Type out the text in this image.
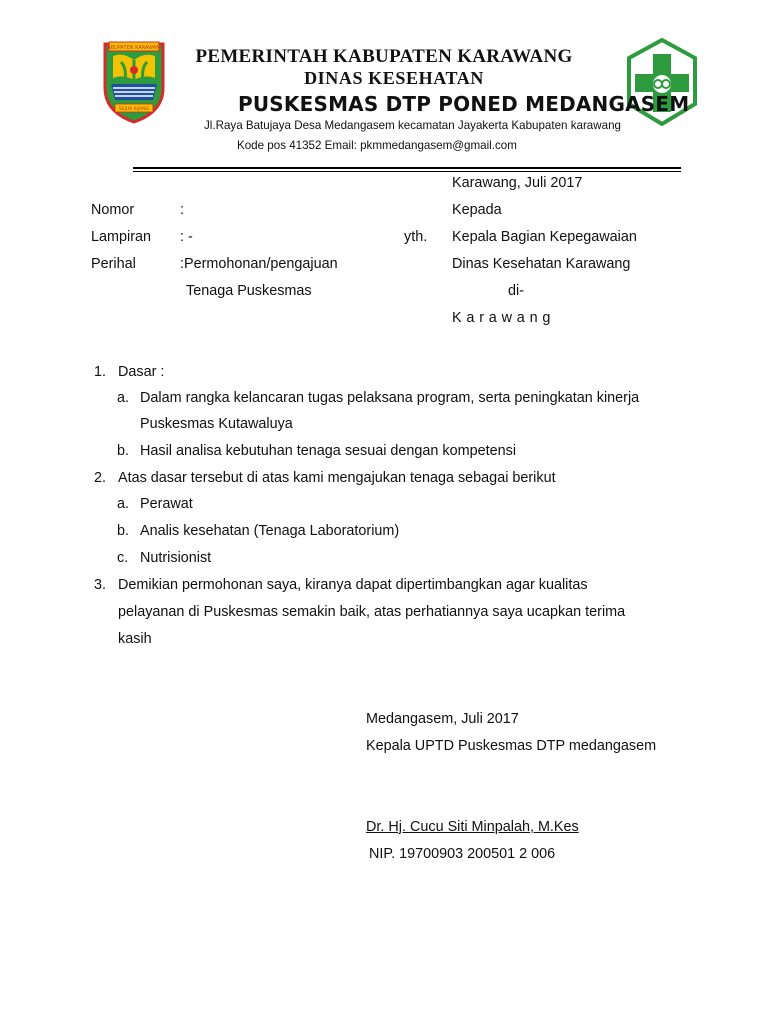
KABUPATEN KARAWANG
SEJUK KIJANG
PEMERINTAH KABUPATEN KARAWANG
DINAS KESEHATAN
PUSKESMAS DTP PONED MEDANGASEM
Jl.Raya Batujaya Desa Medangasem kecamatan Jayakerta Kabupaten karawang
Kode pos 41352 Email: pkmmedangasem@gmail.com
Karawang, Juli 2017
Nomor	:	Kepada
Lampiran : -	yth. Kepala Bagian Kepegawaian
Perihal	:Permohonan/pengajuan	Dinas Kesehatan Karawang
Tenaga Puskesmas	di-
K a r a w a n g
1. Dasar :
a. Dalam rangka kelancaran tugas pelaksana program, serta peningkatan kinerja
Puskesmas Kutawaluya
b. Hasil analisa kebutuhan tenaga sesuai dengan kompetensi
2. Atas dasar tersebut di atas kami mengajukan tenaga sebagai berikut
a. Perawat
b. Analis kesehatan (Tenaga Laboratorium)
c. Nutrisionist
3. Demikian permohonan saya, kiranya dapat dipertimbangkan agar kualitas
pelayanan di Puskesmas semakin baik, atas perhatiannya saya ucapkan terima
kasih
Medangasem, Juli 2017
Kepala UPTD Puskesmas DTP medangasem
Dr. Hj. Cucu Siti Minpalah, M.Kes
NIP. 19700903 200501 2 006
